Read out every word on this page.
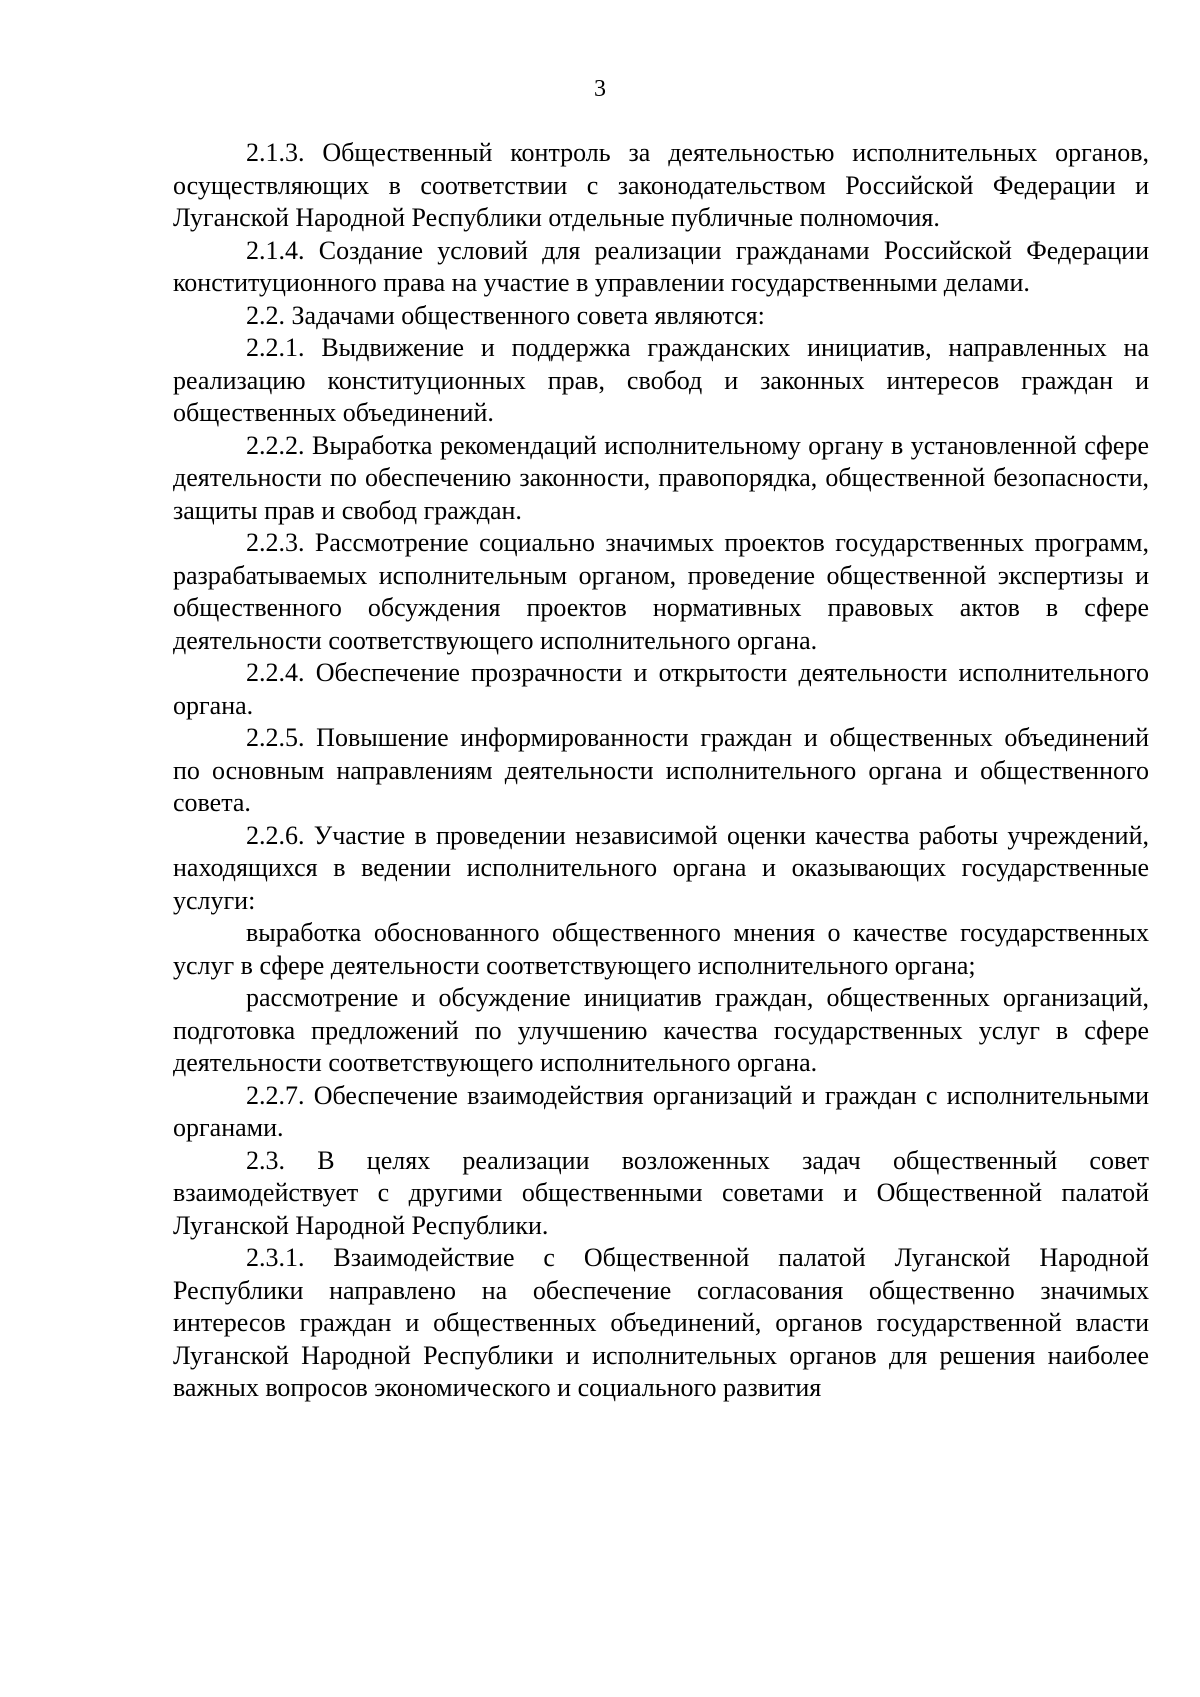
3

2.1.3. Общественный контроль за деятельностью исполнительных органов, осуществляющих в соответствии с законодательством Российской Федерации и Луганской Народной Республики отдельные публичные полномочия.

2.1.4. Создание условий для реализации гражданами Российской Федерации конституционного права на участие в управлении государственными делами.

2.2. Задачами общественного совета являются:

2.2.1. Выдвижение и поддержка гражданских инициатив, направленных на реализацию конституционных прав, свобод и законных интересов граждан и общественных объединений.

2.2.2. Выработка рекомендаций исполнительному органу в установленной сфере деятельности по обеспечению законности, правопорядка, общественной безопасности, защиты прав и свобод граждан.

2.2.3. Рассмотрение социально значимых проектов государственных программ, разрабатываемых исполнительным органом, проведение общественной экспертизы и общественного обсуждения проектов нормативных правовых актов в сфере деятельности соответствующего исполнительного органа.

2.2.4. Обеспечение прозрачности и открытости деятельности исполнительного органа.

2.2.5. Повышение информированности граждан и общественных объединений по основным направлениям деятельности исполнительного органа и общественного совета.

2.2.6. Участие в проведении независимой оценки качества работы учреждений, находящихся в ведении исполнительного органа и оказывающих государственные услуги:

выработка обоснованного общественного мнения о качестве государственных услуг в сфере деятельности соответствующего исполнительного органа;

рассмотрение и обсуждение инициатив граждан, общественных организаций, подготовка предложений по улучшению качества государственных услуг в сфере деятельности соответствующего исполнительного органа.

2.2.7. Обеспечение взаимодействия организаций и граждан с исполнительными органами.

2.3. В целях реализации возложенных задач общественный совет взаимодействует с другими общественными советами и Общественной палатой Луганской Народной Республики.

2.3.1. Взаимодействие с Общественной палатой Луганской Народной Республики направлено на обеспечение согласования общественно значимых интересов граждан и общественных объединений, органов государственной власти Луганской Народной Республики и исполнительных органов для решения наиболее важных вопросов экономического и социального развития
